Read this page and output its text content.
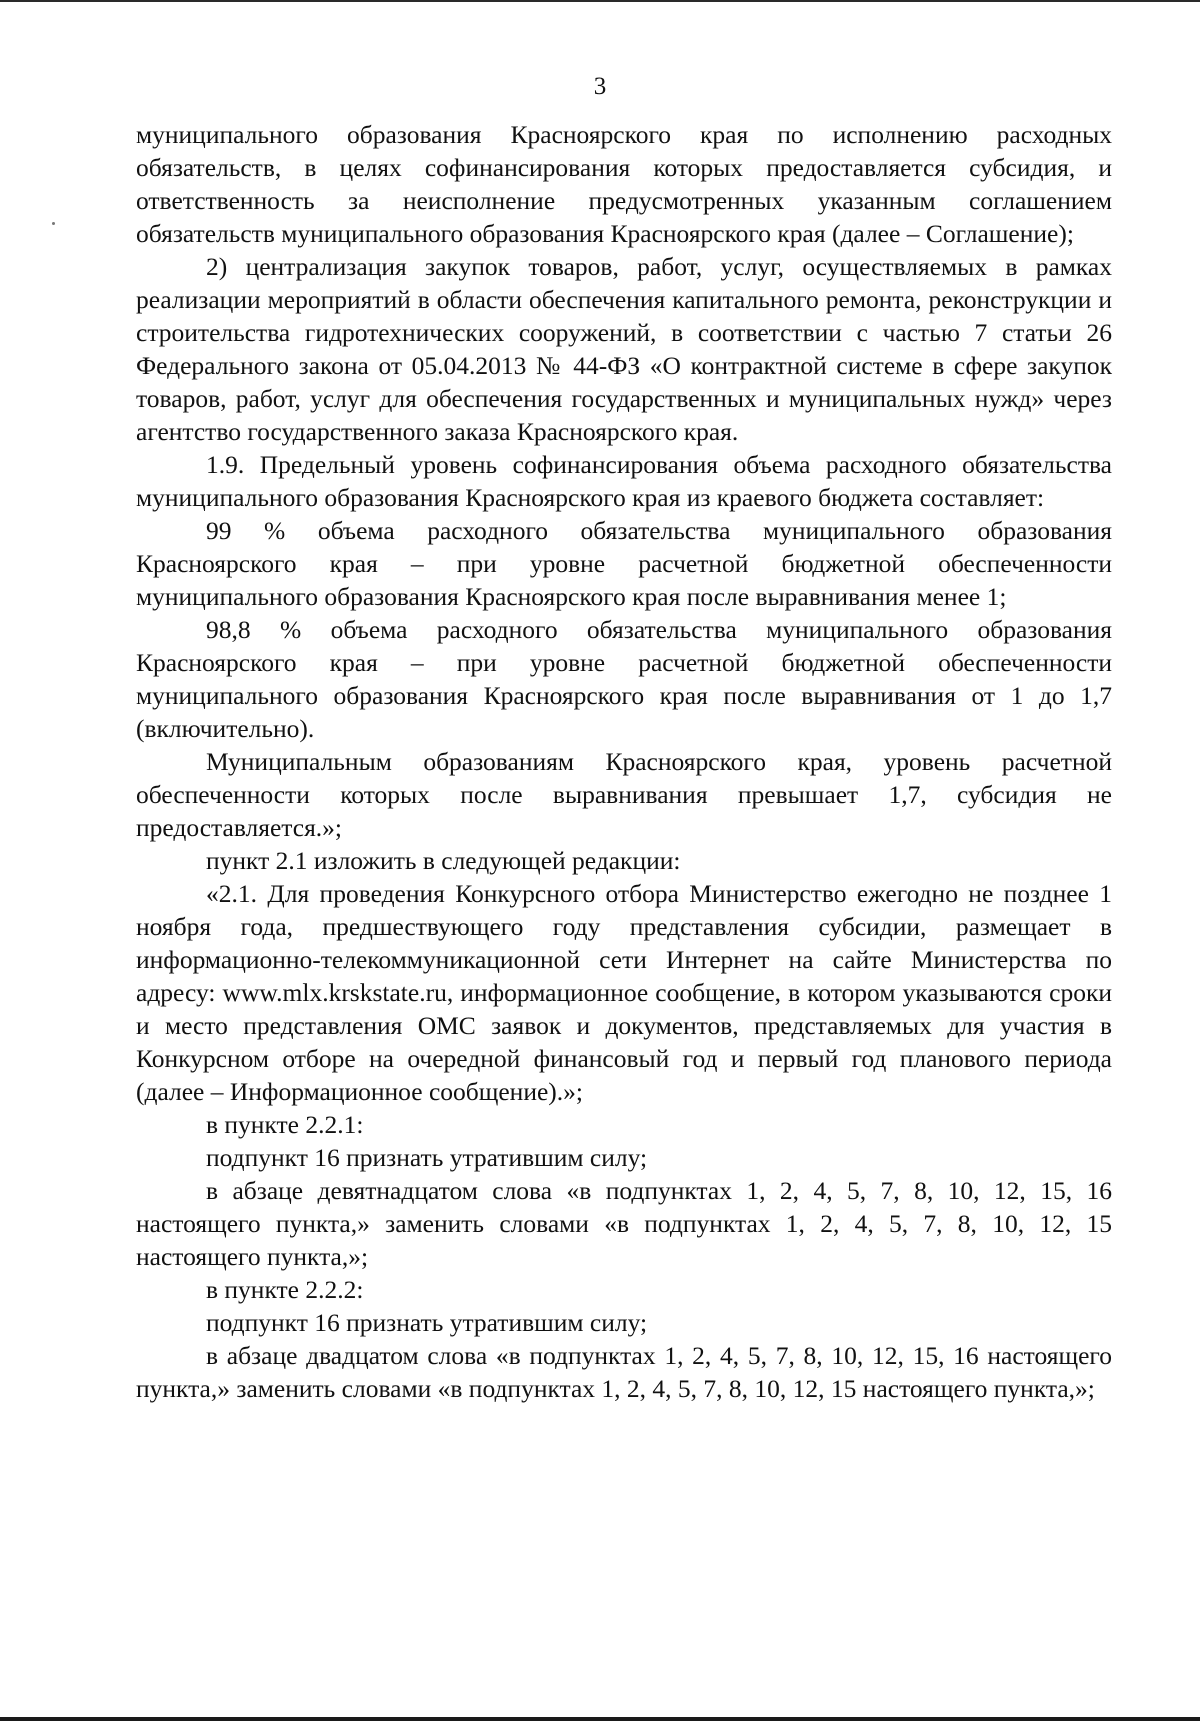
3

муниципального образования Красноярского края по исполнению расходных обязательств, в целях софинансирования которых предоставляется субсидия, и ответственность за неисполнение предусмотренных указанным соглашением обязательств муниципального образования Красноярского края (далее – Соглашение);

2) централизация закупок товаров, работ, услуг, осуществляемых в рамках реализации мероприятий в области обеспечения капитального ремонта, реконструкции и строительства гидротехнических сооружений, в соответствии с частью 7 статьи 26 Федерального закона от 05.04.2013 № 44-ФЗ «О контрактной системе в сфере закупок товаров, работ, услуг для обеспечения государственных и муниципальных нужд» через агентство государственного заказа Красноярского края.

1.9. Предельный уровень софинансирования объема расходного обязательства муниципального образования Красноярского края из краевого бюджета составляет:

99 % объема расходного обязательства муниципального образования Красноярского края – при уровне расчетной бюджетной обеспеченности муниципального образования Красноярского края после выравнивания менее 1;

98,8 % объема расходного обязательства муниципального образования Красноярского края – при уровне расчетной бюджетной обеспеченности муниципального образования Красноярского края после выравнивания от 1 до 1,7 (включительно).

Муниципальным образованиям Красноярского края, уровень расчетной обеспеченности которых после выравнивания превышает 1,7, субсидия не предоставляется.»;

пункт 2.1 изложить в следующей редакции:

«2.1. Для проведения Конкурсного отбора Министерство ежегодно не позднее 1 ноября года, предшествующего году представления субсидии, размещает в информационно-телекоммуникационной сети Интернет на сайте Министерства по адресу: www.mlx.krskstate.ru, информационное сообщение, в котором указываются сроки и место представления ОМС заявок и документов, представляемых для участия в Конкурсном отборе на очередной финансовый год и первый год планового периода (далее – Информационное сообщение).»;

в пункте 2.2.1:

подпункт 16 признать утратившим силу;

в абзаце девятнадцатом слова «в подпунктах 1, 2, 4, 5, 7, 8, 10, 12, 15, 16 настоящего пункта,» заменить словами «в подпунктах 1, 2, 4, 5, 7, 8, 10, 12, 15 настоящего пункта,»;

в пункте 2.2.2:

подпункт 16 признать утратившим силу;

в абзаце двадцатом слова «в подпунктах 1, 2, 4, 5, 7, 8, 10, 12, 15, 16 настоящего пункта,» заменить словами «в подпунктах 1, 2, 4, 5, 7, 8, 10, 12, 15 настоящего пункта,»;
